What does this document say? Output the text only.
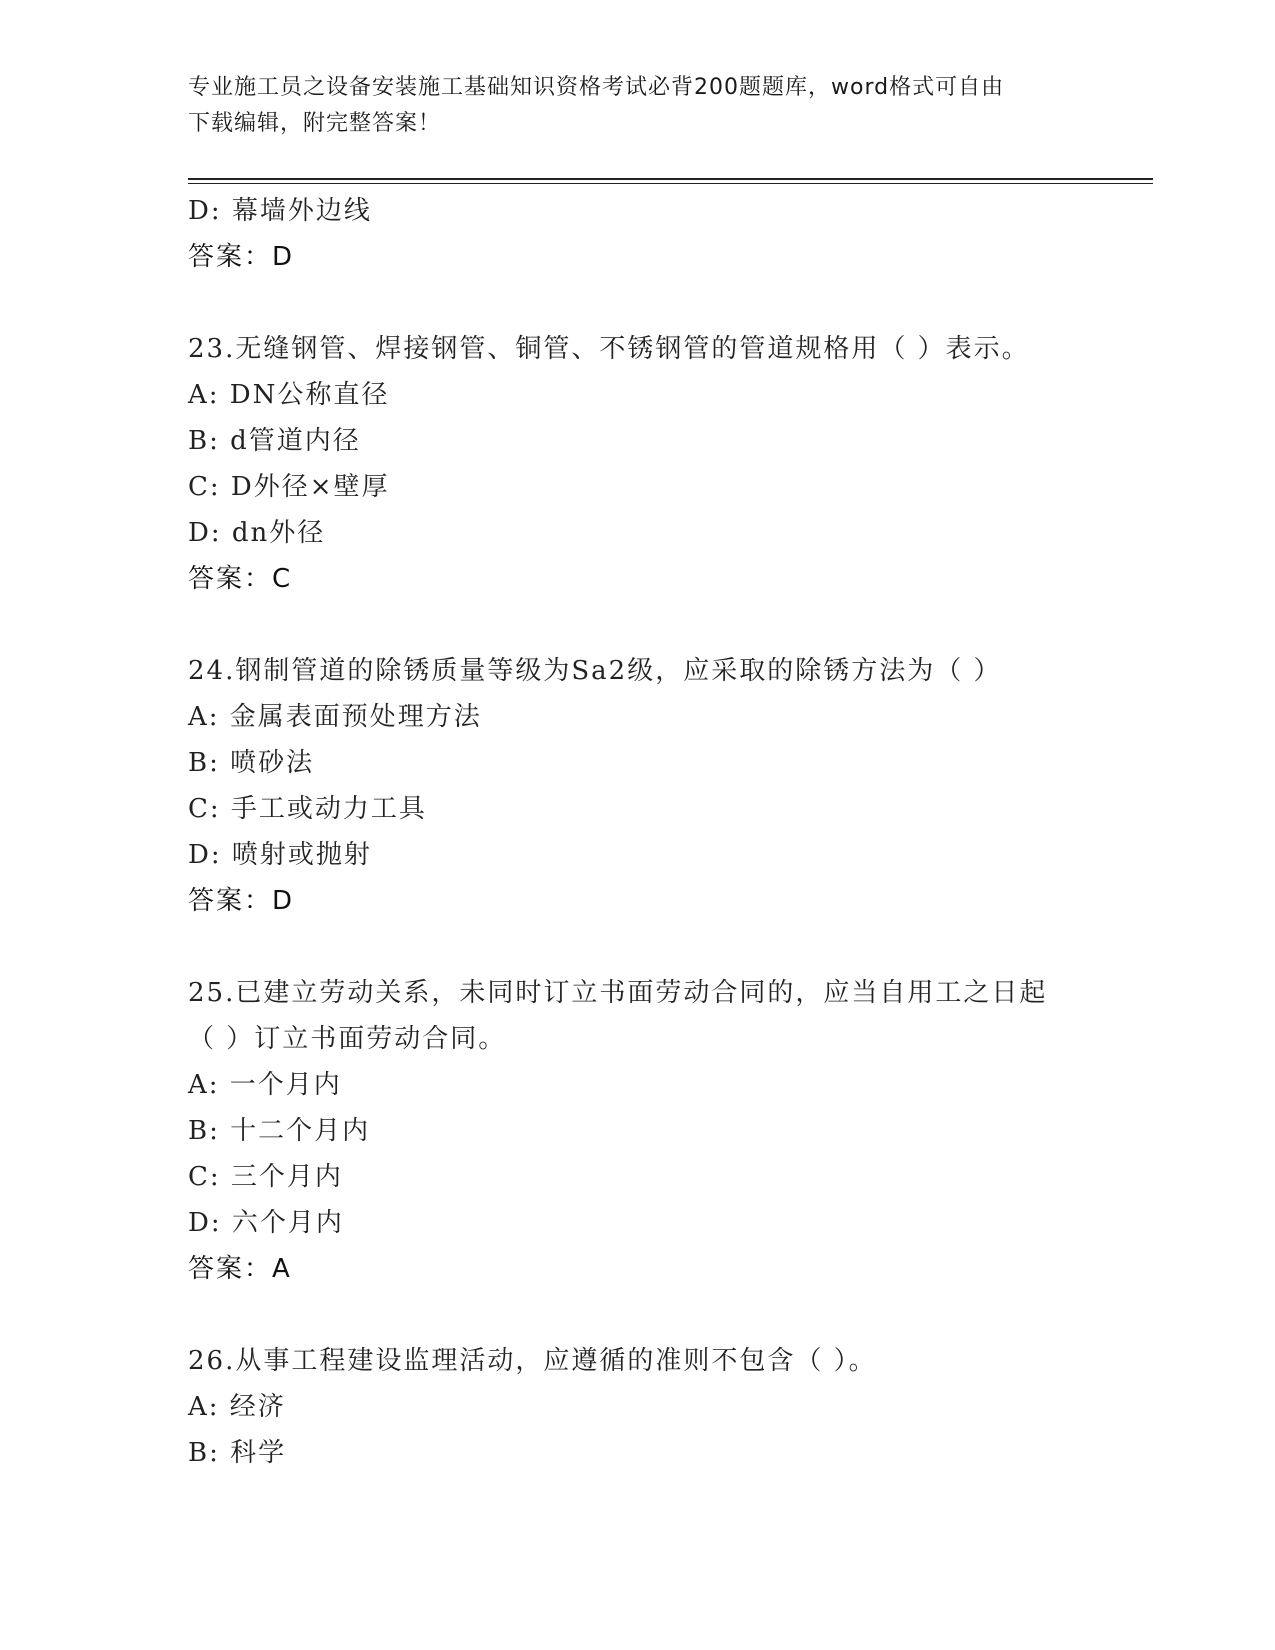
专业施工员之设备安装施工基础知识资格考试必背200题题库，word格式可自由
下载编辑，附完整答案！
D: 幕墙外边线
答案：D
23.无缝钢管、焊接钢管、铜管、不锈钢管的管道规格用（ ）表示。
A: DN公称直径
B: d管道内径
C: D外径×壁厚
D: dn外径
答案：C
24.钢制管道的除锈质量等级为Sa2级，应采取的除锈方法为（ ）
A: 金属表面预处理方法
B: 喷砂法
C: 手工或动力工具
D: 喷射或抛射
答案：D
25.已建立劳动关系，未同时订立书面劳动合同的，应当自用工之日起
（ ）订立书面劳动合同。
A: 一个月内
B: 十二个月内
C: 三个月内
D: 六个月内
答案：A
26.从事工程建设监理活动，应遵循的准则不包含（ ）。
A: 经济
B: 科学
